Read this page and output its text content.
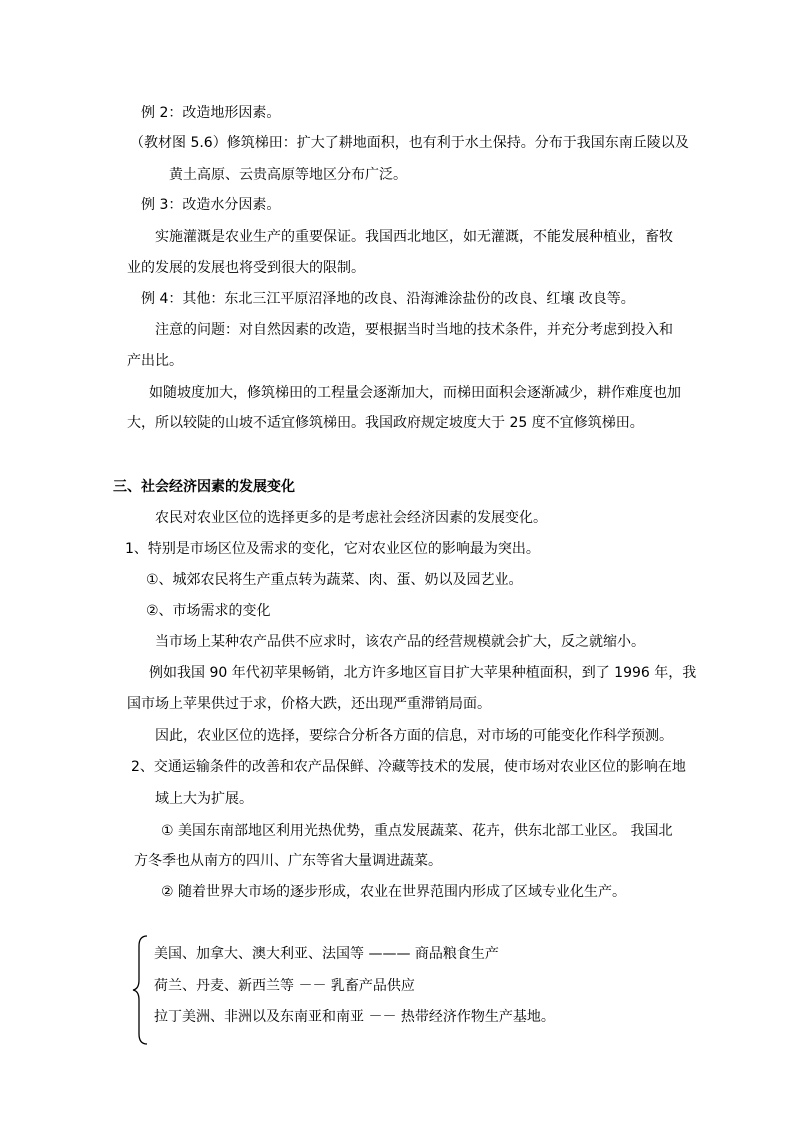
例 2：改造地形因素。
（教材图 5.6）修筑梯田：扩大了耕地面积，也有利于水土保持。分布于我国东南丘陵以及
黄土高原、云贵高原等地区分布广泛。
例 3：改造水分因素。
实施灌溉是农业生产的重要保证。我国西北地区，如无灌溉，不能发展种植业，畜牧
业的发展的发展也将受到很大的限制。
例 4：其他：东北三江平原沼泽地的改良、沿海滩涂盐份的改良、红壤 改良等。
注意的问题：对自然因素的改造，要根据当时当地的技术条件，并充分考虑到投入和
产出比。
如随坡度加大，修筑梯田的工程量会逐渐加大，而梯田面积会逐渐减少，耕作难度也加
大，所以较陡的山坡不适宜修筑梯田。我国政府规定坡度大于 25 度不宜修筑梯田。
三、社会经济因素的发展变化
农民对农业区位的选择更多的是考虑社会经济因素的发展变化。
1、特别是市场区位及需求的变化，它对农业区位的影响最为突出。
①、城郊农民将生产重点转为蔬菜、肉、蛋、奶以及园艺业。
②、市场需求的变化
当市场上某种农产品供不应求时，该农产品的经营规模就会扩大，反之就缩小。
例如我国 90 年代初苹果畅销，北方许多地区盲目扩大苹果种植面积，到了 1996 年，我
国市场上苹果供过于求，价格大跌，还出现严重滞销局面。
因此，农业区位的选择，要综合分析各方面的信息，对市场的可能变化作科学预测。
2、交通运输条件的改善和农产品保鲜、冷藏等技术的发展，使市场对农业区位的影响在地
域上大为扩展。
① 美国东南部地区利用光热优势，重点发展蔬菜、花卉，供东北部工业区。 我国北
方冬季也从南方的四川、广东等省大量调进蔬菜。
② 随着世界大市场的逐步形成，农业在世界范围内形成了区域专业化生产。
美国、加拿大、澳大利亚、法国等 ——— 商品粮食生产
荷兰、丹麦、新西兰等 －－ 乳畜产品供应
拉丁美洲、非洲以及东南亚和南亚 －－ 热带经济作物生产基地。
